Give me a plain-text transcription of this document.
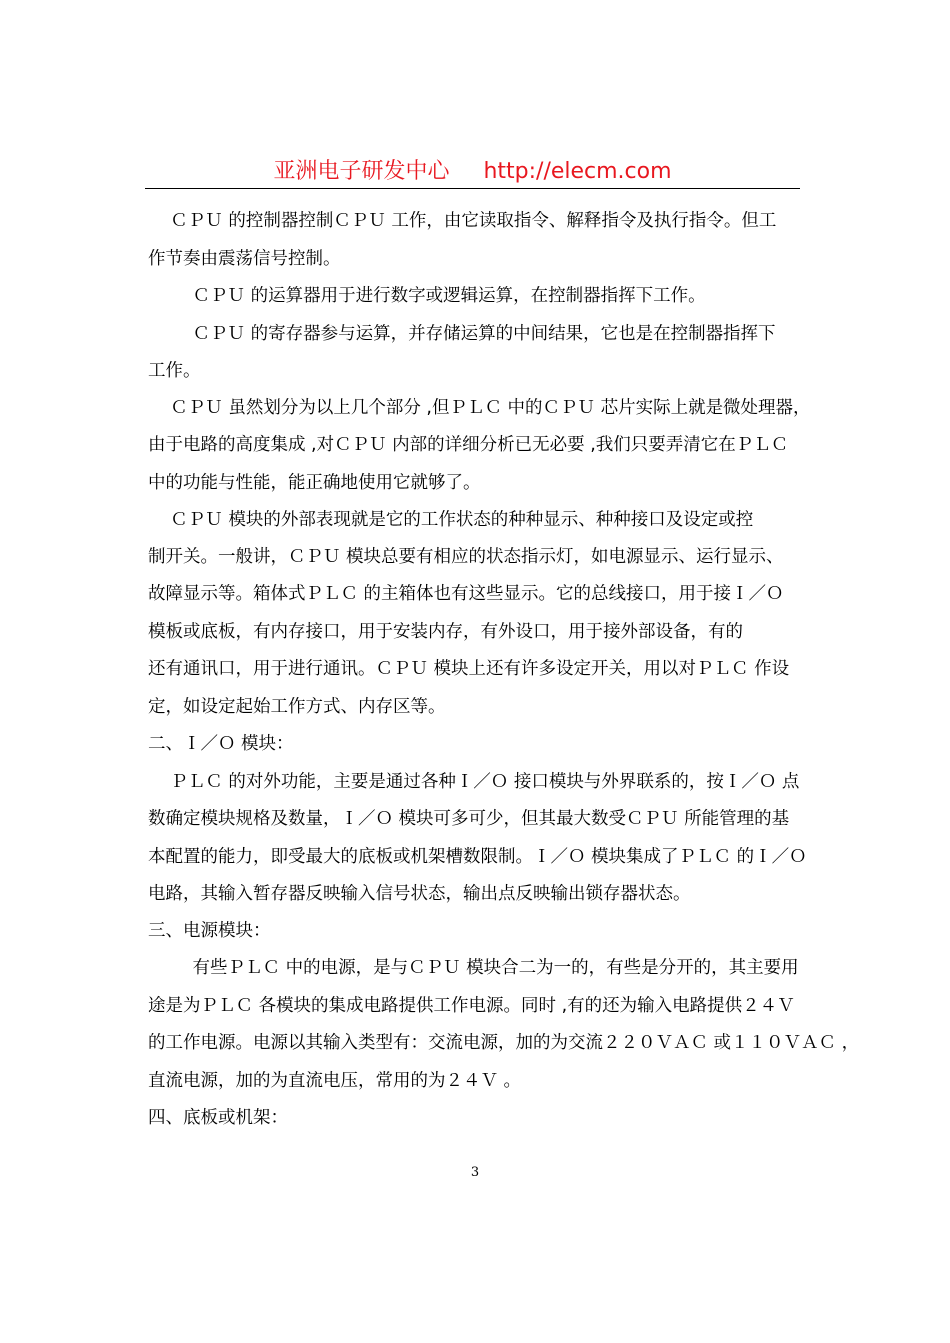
亚洲电子研发中心 http://elecm.com
ＣＰＵ 的控制器控制ＣＰＵ 工作，由它读取指令、解释指令及执行指令。但工
作节奏由震荡信号控制。
ＣＰＵ 的运算器用于进行数字或逻辑运算，在控制器指挥下工作。
ＣＰＵ 的寄存器参与运算，并存储运算的中间结果，它也是在控制器指挥下
工作。
ＣＰＵ 虽然划分为以上几个部分 ,但ＰＬＣ 中的ＣＰＵ 芯片实际上就是微处理器，
由于电路的高度集成 ,对ＣＰＵ 内部的详细分析已无必要 ,我们只要弄清它在ＰＬＣ
中的功能与性能，能正确地使用它就够了。
ＣＰＵ 模块的外部表现就是它的工作状态的种种显示、种种接口及设定或控
制开关。一般讲，ＣＰＵ 模块总要有相应的状态指示灯，如电源显示、运行显示、
故障显示等。箱体式ＰＬＣ 的主箱体也有这些显示。它的总线接口，用于接Ｉ／Ｏ
模板或底板，有内存接口，用于安装内存，有外设口，用于接外部设备，有的
还有通讯口，用于进行通讯。ＣＰＵ 模块上还有许多设定开关，用以对ＰＬＣ 作设
定，如设定起始工作方式、内存区等。
二、Ｉ／Ｏ 模块：
ＰＬＣ 的对外功能，主要是通过各种Ｉ／Ｏ 接口模块与外界联系的，按Ｉ／Ｏ 点
数确定模块规格及数量，Ｉ／Ｏ 模块可多可少，但其最大数受ＣＰＵ 所能管理的基
本配置的能力，即受最大的底板或机架槽数限制。Ｉ／Ｏ 模块集成了ＰＬＣ 的Ｉ／Ｏ
电路，其输入暂存器反映输入信号状态，输出点反映输出锁存器状态。
三、电源模块：
有些ＰＬＣ 中的电源，是与ＣＰＵ 模块合二为一的，有些是分开的，其主要用
途是为ＰＬＣ 各模块的集成电路提供工作电源。同时 ,有的还为输入电路提供２４Ｖ
的工作电源。电源以其输入类型有：交流电源，加的为交流２２０ＶＡＣ 或１１０ＶＡＣ ，
直流电源，加的为直流电压，常用的为２４Ｖ 。
四、底板或机架：
3
